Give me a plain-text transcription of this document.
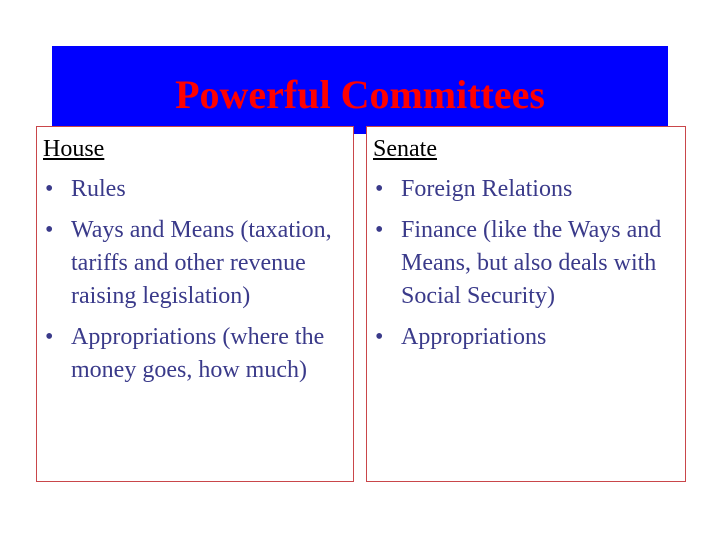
Powerful Committees
House
• Rules
• Ways and Means (taxation, tariffs and other revenue raising legislation)
• Appropriations (where the money goes, how much)
Senate
• Foreign Relations
• Finance (like the Ways and Means, but also deals with Social Security)
• Appropriations
